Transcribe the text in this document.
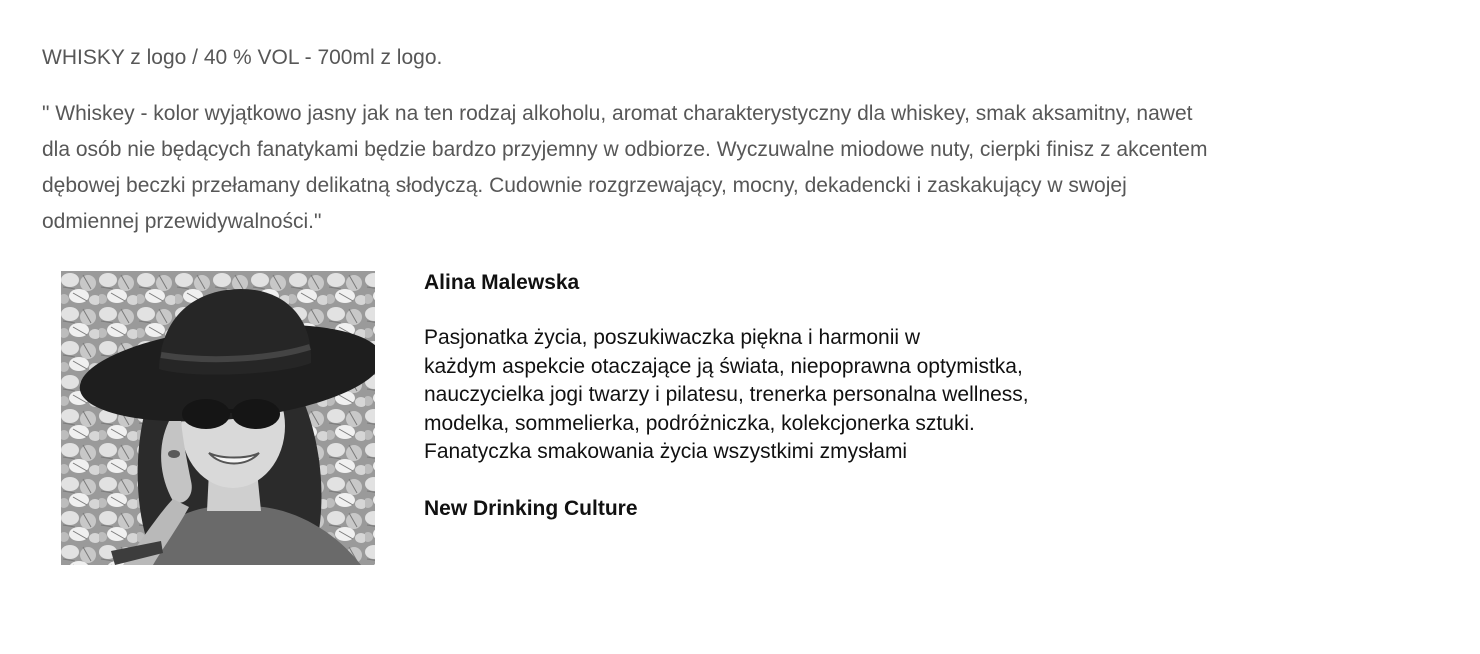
WHISKY z logo / 40 % VOL - 700ml z logo.
" Whiskey - kolor wyjątkowo jasny jak na ten rodzaj alkoholu, aromat charakterystyczny dla whiskey, smak aksamitny, nawet
dla osób nie będących fanatykami będzie bardzo przyjemny w odbiorze. Wyczuwalne miodowe nuty, cierpki finisz z akcentem
dębowej beczki przełamany delikatną słodyczą. Cudownie rozgrzewający, mocny, dekadencki i zaskakujący w swojej
odmiennej przewidywalności."
Alina Malewska
Pasjonatka życia, poszukiwaczka piękna i harmonii w
każdym aspekcie otaczające ją świata, niepoprawna optymistka,
nauczycielka jogi twarzy i pilatesu, trenerka personalna wellness,
modelka, sommelierka, podróżniczka, kolekcjonerka sztuki.
Fanatyczka smakowania życia wszystkimi zmysłami
New Drinking Culture
